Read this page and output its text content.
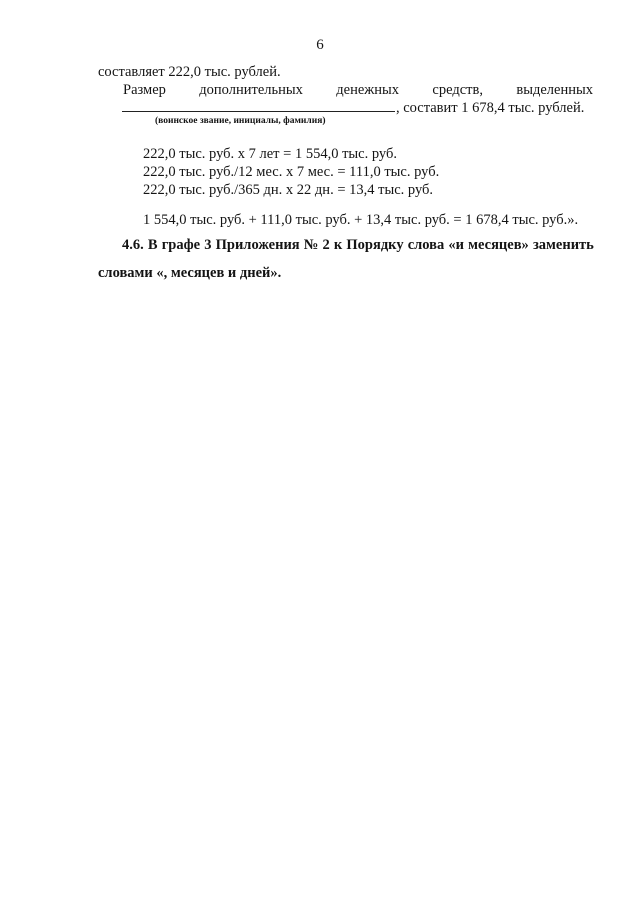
6
составляет 222,0 тыс. рублей.
Размер дополнительных денежных средств, выделенных
, составит 1 678,4 тыс. рублей.
(воинское звание, инициалы, фамилия)
222,0 тыс. руб. х 7 лет = 1 554,0 тыс. руб.
222,0 тыс. руб./12 мес. х 7 мес. = 111,0 тыс. руб.
222,0 тыс. руб./365 дн. х 22 дн. = 13,4 тыс. руб.
1 554,0 тыс. руб. + 111,0 тыс. руб. + 13,4 тыс. руб. = 1 678,4 тыс. руб.».
4.6. В графе 3 Приложения № 2 к Порядку слова «и месяцев» заменить
словами «, месяцев и дней».
